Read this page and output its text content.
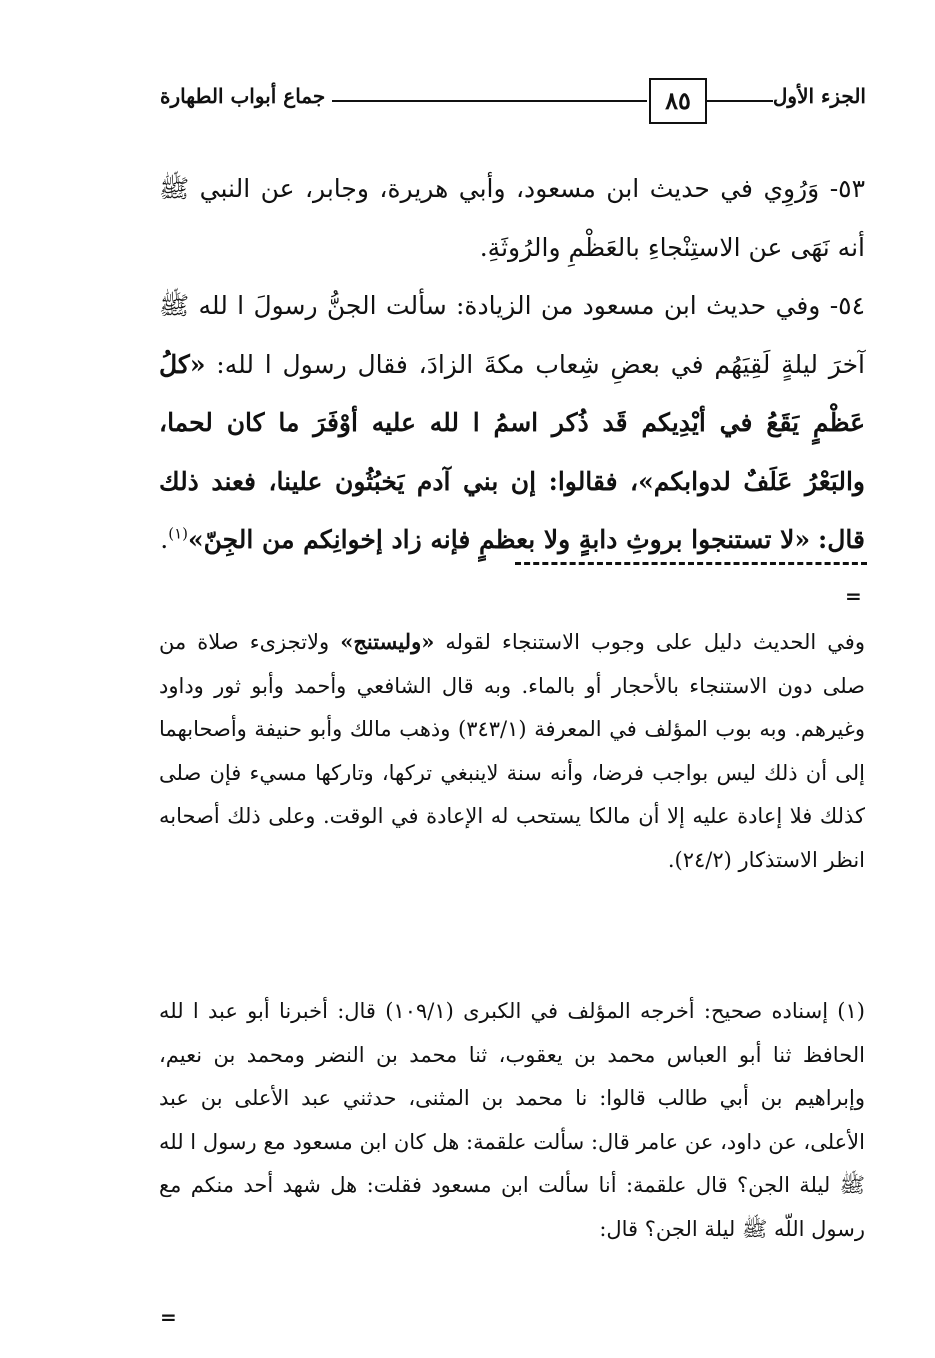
الجزء الأول
٨٥
جماع أبواب الطهارة

٥٣- وَرُوِي في حديث ابن مسعود، وأبي هريرة، وجابر، عن النبي ﷺ أنه نَهَى عن الاستِنْجاءِ بالعَظْمِ والرُوثَةِ.

٥٤- وفي حديث ابن مسعود من الزيادة: سألت الجنُّ رسولَ ا لله ﷺ آخرَ ليلةٍ لَقِيَهُم في بعضِ شِعاب مكةَ الزادَ، فقال رسول ا لله: «كلُ عَظْمٍ يَقَعُ في أيْدِيكم قَد ذُكر اسمُ ا لله عليه أوْفَرَ ما كان لحما، والبَعْرُ عَلَفٌ لدوابكم»، فقالوا: إن بني آدم يَخبُثُون علينا، فعند ذلك قال: «لا تستنجوا بروثِ دابةٍ ولا بعظمٍ فإنه زاد إخوانِكم من الجِنّ»$^{(١)}$.

=

وفي الحديث دليل على وجوب الاستنجاء لقوله «وليستنج» ولاتجزىء صلاة من صلى دون الاستنجاء بالأحجار أو بالماء. وبه قال الشافعي وأحمد وأبو ثور وداود وغيرهم. وبه بوب المؤلف في المعرفة (٣٤٣/١) وذهب مالك وأبو حنيفة وأصحابهما إلى أن ذلك ليس بواجب فرضا، وأنه سنة لاينبغي تركها، وتاركها مسيء فإن صلى كذلك فلا إعادة عليه إلا أن مالكا يستحب له الإعادة في الوقت. وعلى ذلك أصحابه انظر الاستذكار (٢٤/٢).

(١) إسناده صحيح: أخرجه المؤلف في الكبرى (١٠٩/١) قال: أخبرنا أبو عبد ا لله الحافظ ثنا أبو العباس محمد بن يعقوب، ثنا محمد بن النضر ومحمد بن نعيم، وإبراهيم بن أبي طالب قالوا: نا محمد بن المثنى، حدثني عبد الأعلى بن عبد الأعلى، عن داود، عن عامر قال: سألت علقمة: هل كان ابن مسعود مع رسول ا لله ﷺ ليلة الجن؟ قال علقمة: أنا سألت ابن مسعود فقلت: هل شهد أحد منكم مع رسول اللّه ﷺ ليلة الجن؟ قال:

=
